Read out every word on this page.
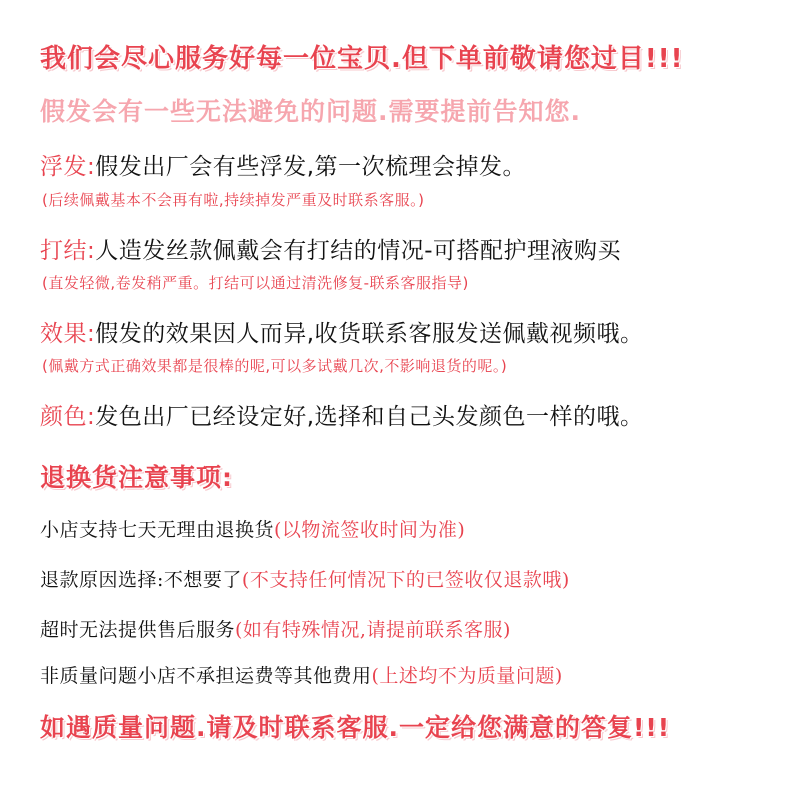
我们会尽心服务好每一位宝贝.但下单前敬请您过目!!!
假发会有一些无法避免的问题.需要提前告知您.
浮发:假发出厂会有些浮发,第一次梳理会掉发。
(后续佩戴基本不会再有啦,持续掉发严重及时联系客服。)
打结:人造发丝款佩戴会有打结的情况-可搭配护理液购买
(直发轻微,卷发稍严重。打结可以通过清洗修复-联系客服指导)
效果:假发的效果因人而异,收货联系客服发送佩戴视频哦。
(佩戴方式正确效果都是很棒的呢,可以多试戴几次,不影响退货的呢。)
颜色:发色出厂已经设定好,选择和自己头发颜色一样的哦。
退换货注意事项:
小店支持七天无理由退换货(以物流签收时间为准)
退款原因选择:不想要了(不支持任何情况下的已签收仅退款哦)
超时无法提供售后服务(如有特殊情况,请提前联系客服)
非质量问题小店不承担运费等其他费用(上述均不为质量问题)
如遇质量问题.请及时联系客服.一定给您满意的答复!!!
